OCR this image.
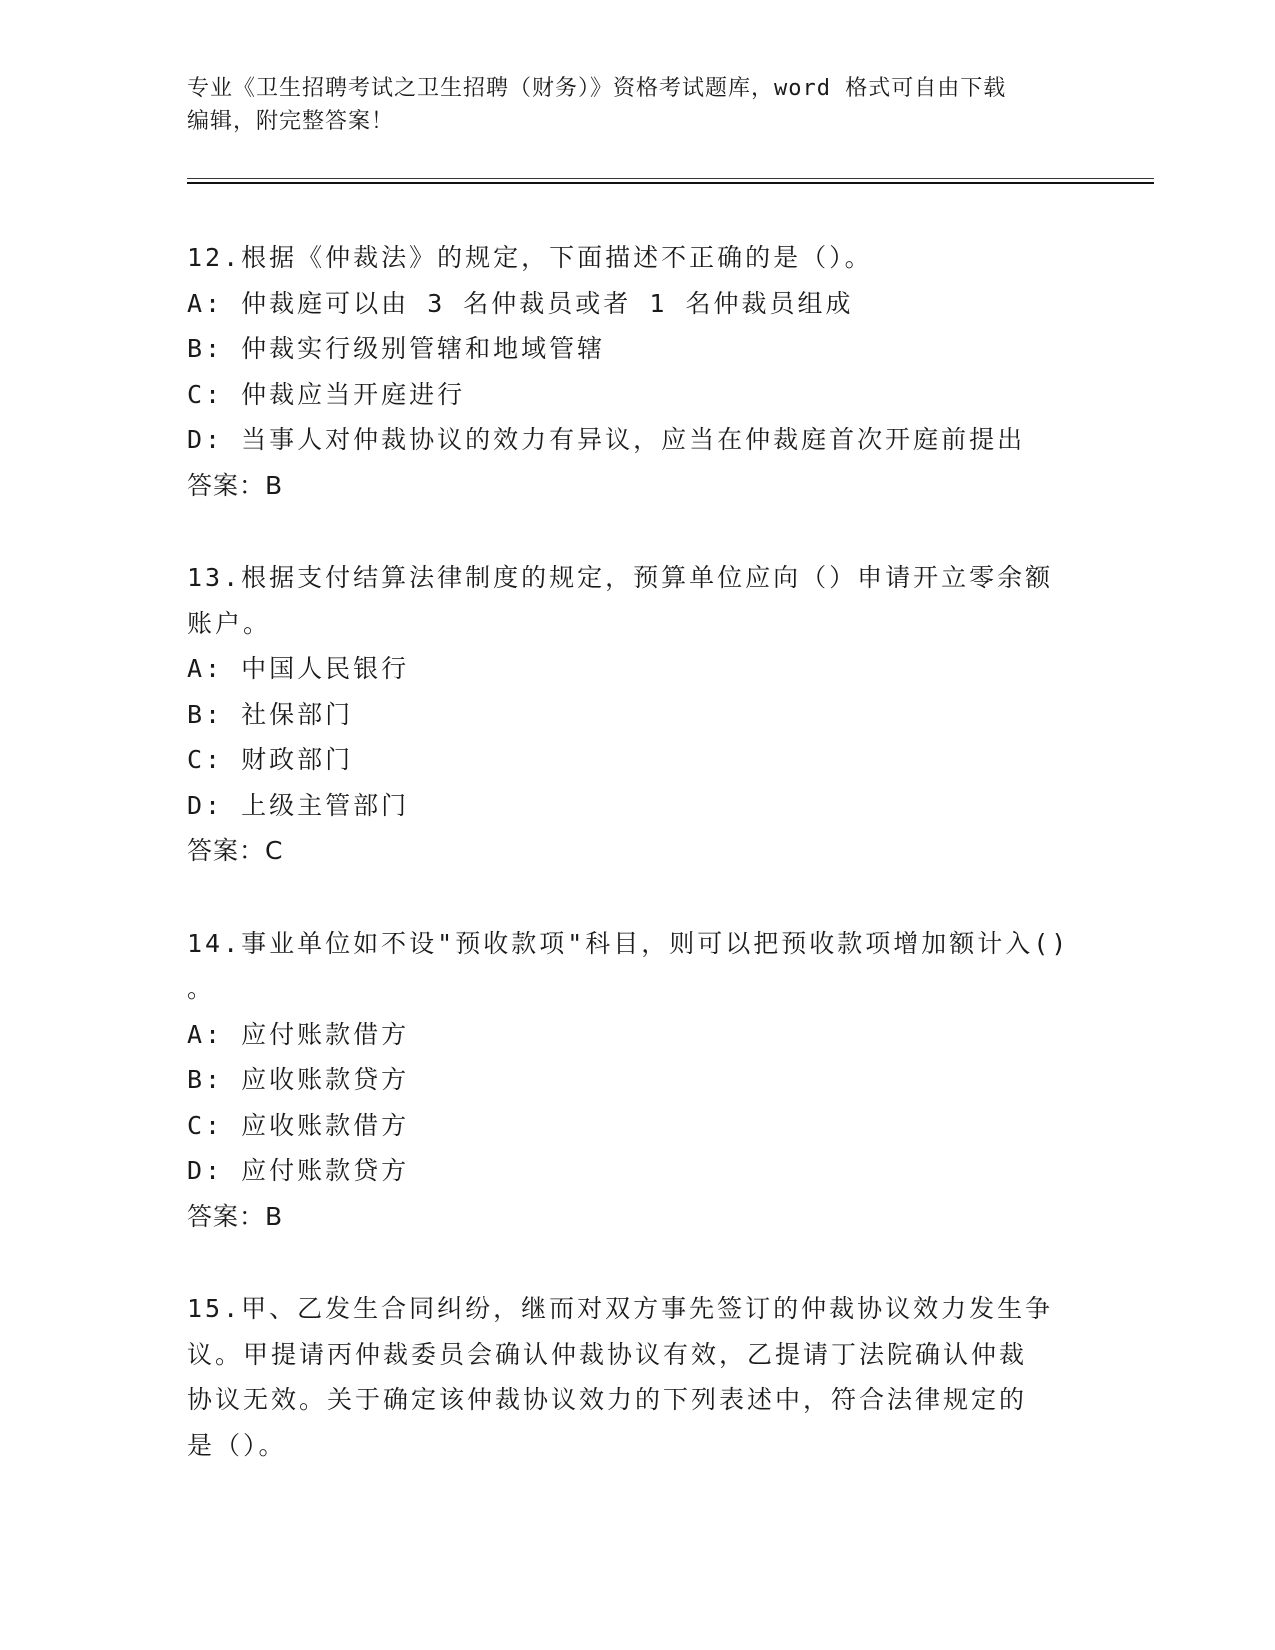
专业《卫生招聘考试之卫生招聘（财务）》资格考试题库，word 格式可自由下载
编辑，附完整答案！
12.根据《仲裁法》的规定，下面描述不正确的是（）。
A: 仲裁庭可以由 3 名仲裁员或者 1 名仲裁员组成
B: 仲裁实行级别管辖和地域管辖
C: 仲裁应当开庭进行
D: 当事人对仲裁协议的效力有异议，应当在仲裁庭首次开庭前提出
答案：B
13.根据支付结算法律制度的规定，预算单位应向（）申请开立零余额
账户。
A: 中国人民银行
B: 社保部门
C: 财政部门
D: 上级主管部门
答案：C
14.事业单位如不设"预收款项"科目，则可以把预收款项增加额计入()
。
A: 应付账款借方
B: 应收账款贷方
C: 应收账款借方
D: 应付账款贷方
答案：B
15.甲、乙发生合同纠纷，继而对双方事先签订的仲裁协议效力发生争
议。甲提请丙仲裁委员会确认仲裁协议有效，乙提请丁法院确认仲裁
协议无效。关于确定该仲裁协议效力的下列表述中，符合法律规定的
是（）。
